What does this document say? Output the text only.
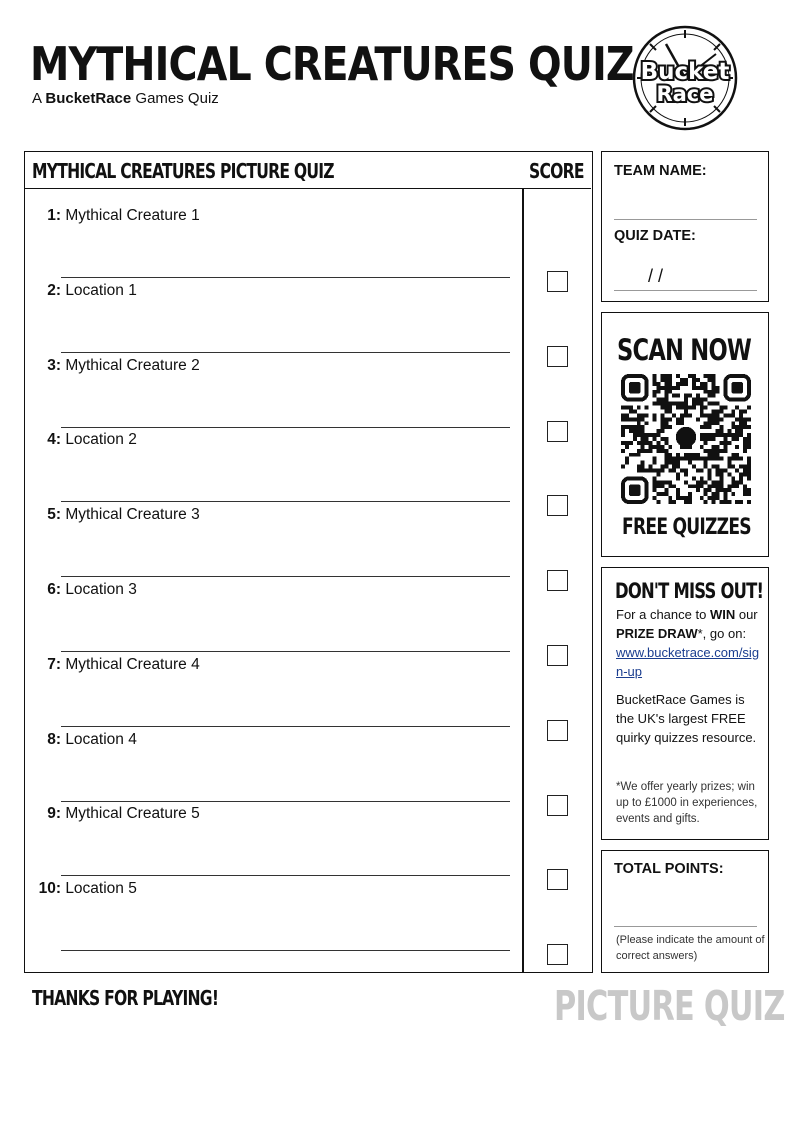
MYTHICAL CREATURES QUIZ
A BucketRace Games Quiz
Bucket
Race
MYTHICAL CREATURES PICTURE QUIZ	SCORE
1: Mythical Creature 1
2: Location 1
3: Mythical Creature 2
4: Location 2
5: Mythical Creature 3
6: Location 3
7: Mythical Creature 4
8: Location 4
9: Mythical Creature 5
10: Location 5
TEAM NAME:
QUIZ DATE:
/ /
SCAN NOW
FREE QUIZZES
DON'T MISS OUT!
For a chance to WIN our
PRIZE DRAW*, go on:
www.bucketrace.com/sign-up
BucketRace Games is the UK's largest FREE quirky quizzes resource.
*We offer yearly prizes; win up to £1000 in experiences, events and gifts.
TOTAL POINTS:
(Please indicate the amount of correct answers)
THANKS FOR PLAYING!	PICTURE QUIZ
